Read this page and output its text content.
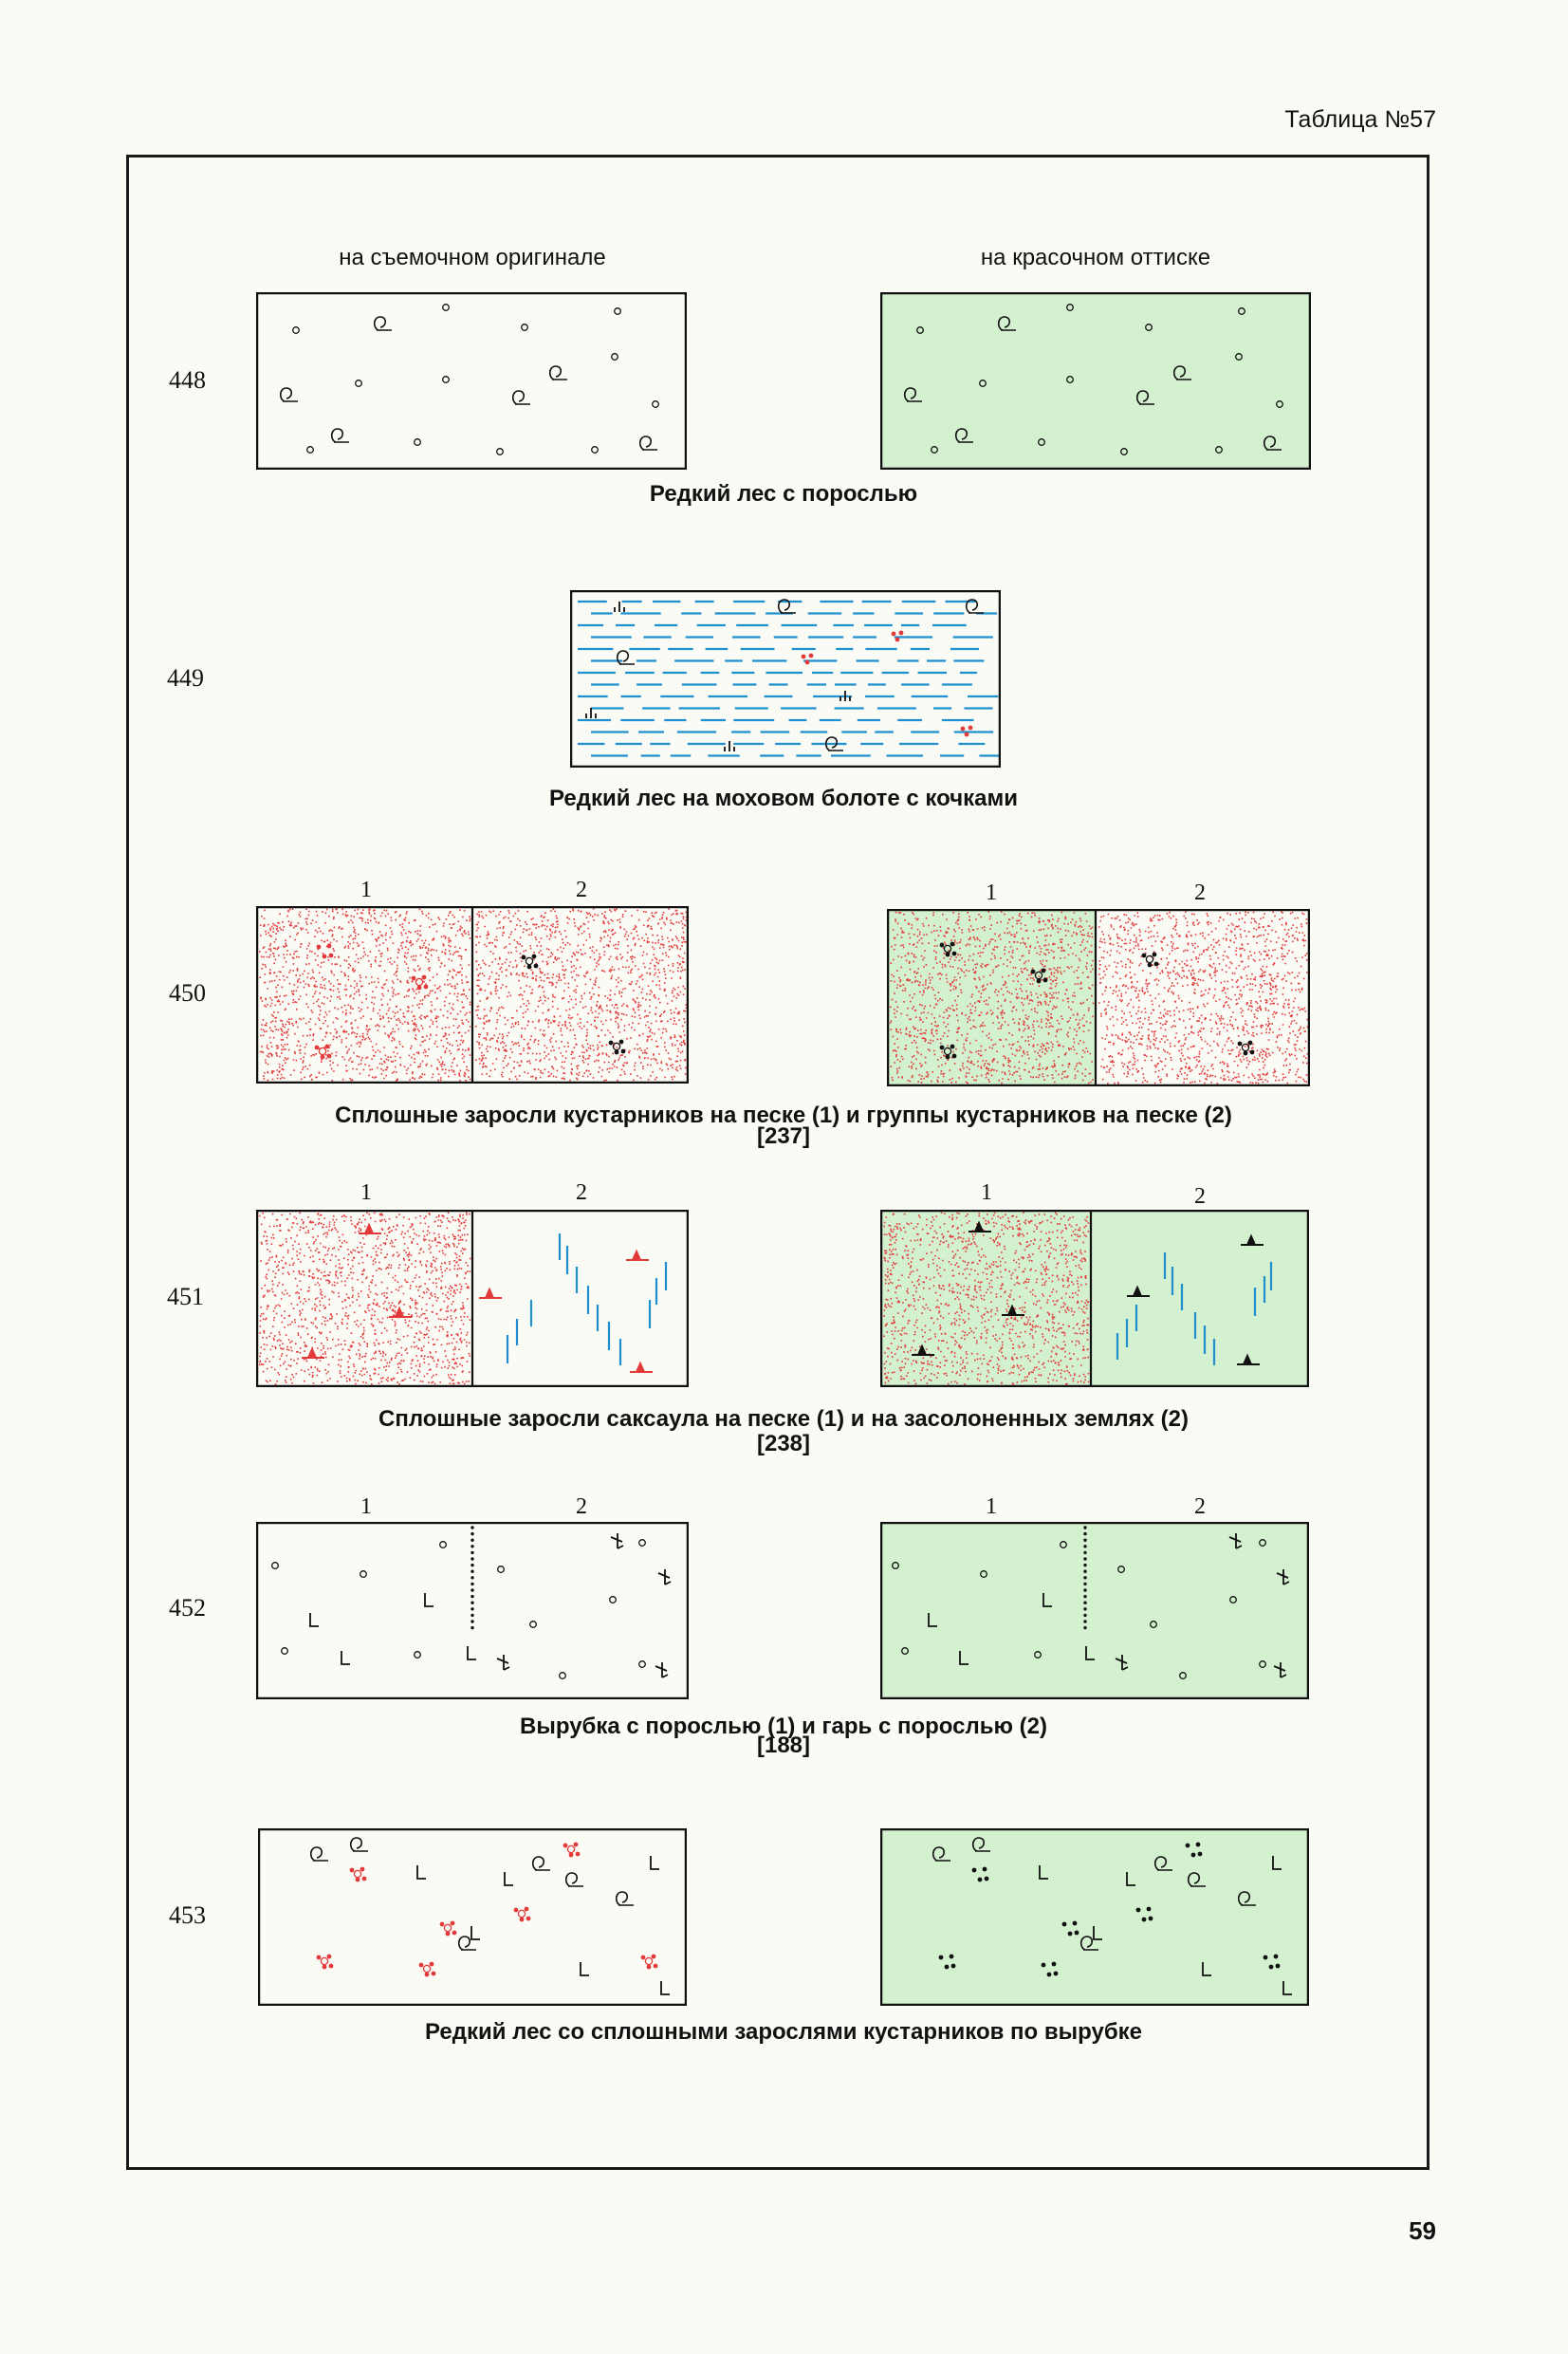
Таблица №57
59
на съемочном оригинале	на красочном оттиске
448
Редкий лес с порослью
449
Редкий лес на моховом болоте с кочками
1	2	1	2
450
Сплошные заросли кустарников на песке (1) и группы кустарников на песке (2)
[237]
1	2	1	2
451
Сплошные заросли саксаула на песке (1) и на засолоненных землях (2)
[238]
1	2	1	2
452
Вырубка с порослью (1) и гарь с порослью (2)
[188]
453
Редкий лес со сплошными зарослями кустарников по вырубке
